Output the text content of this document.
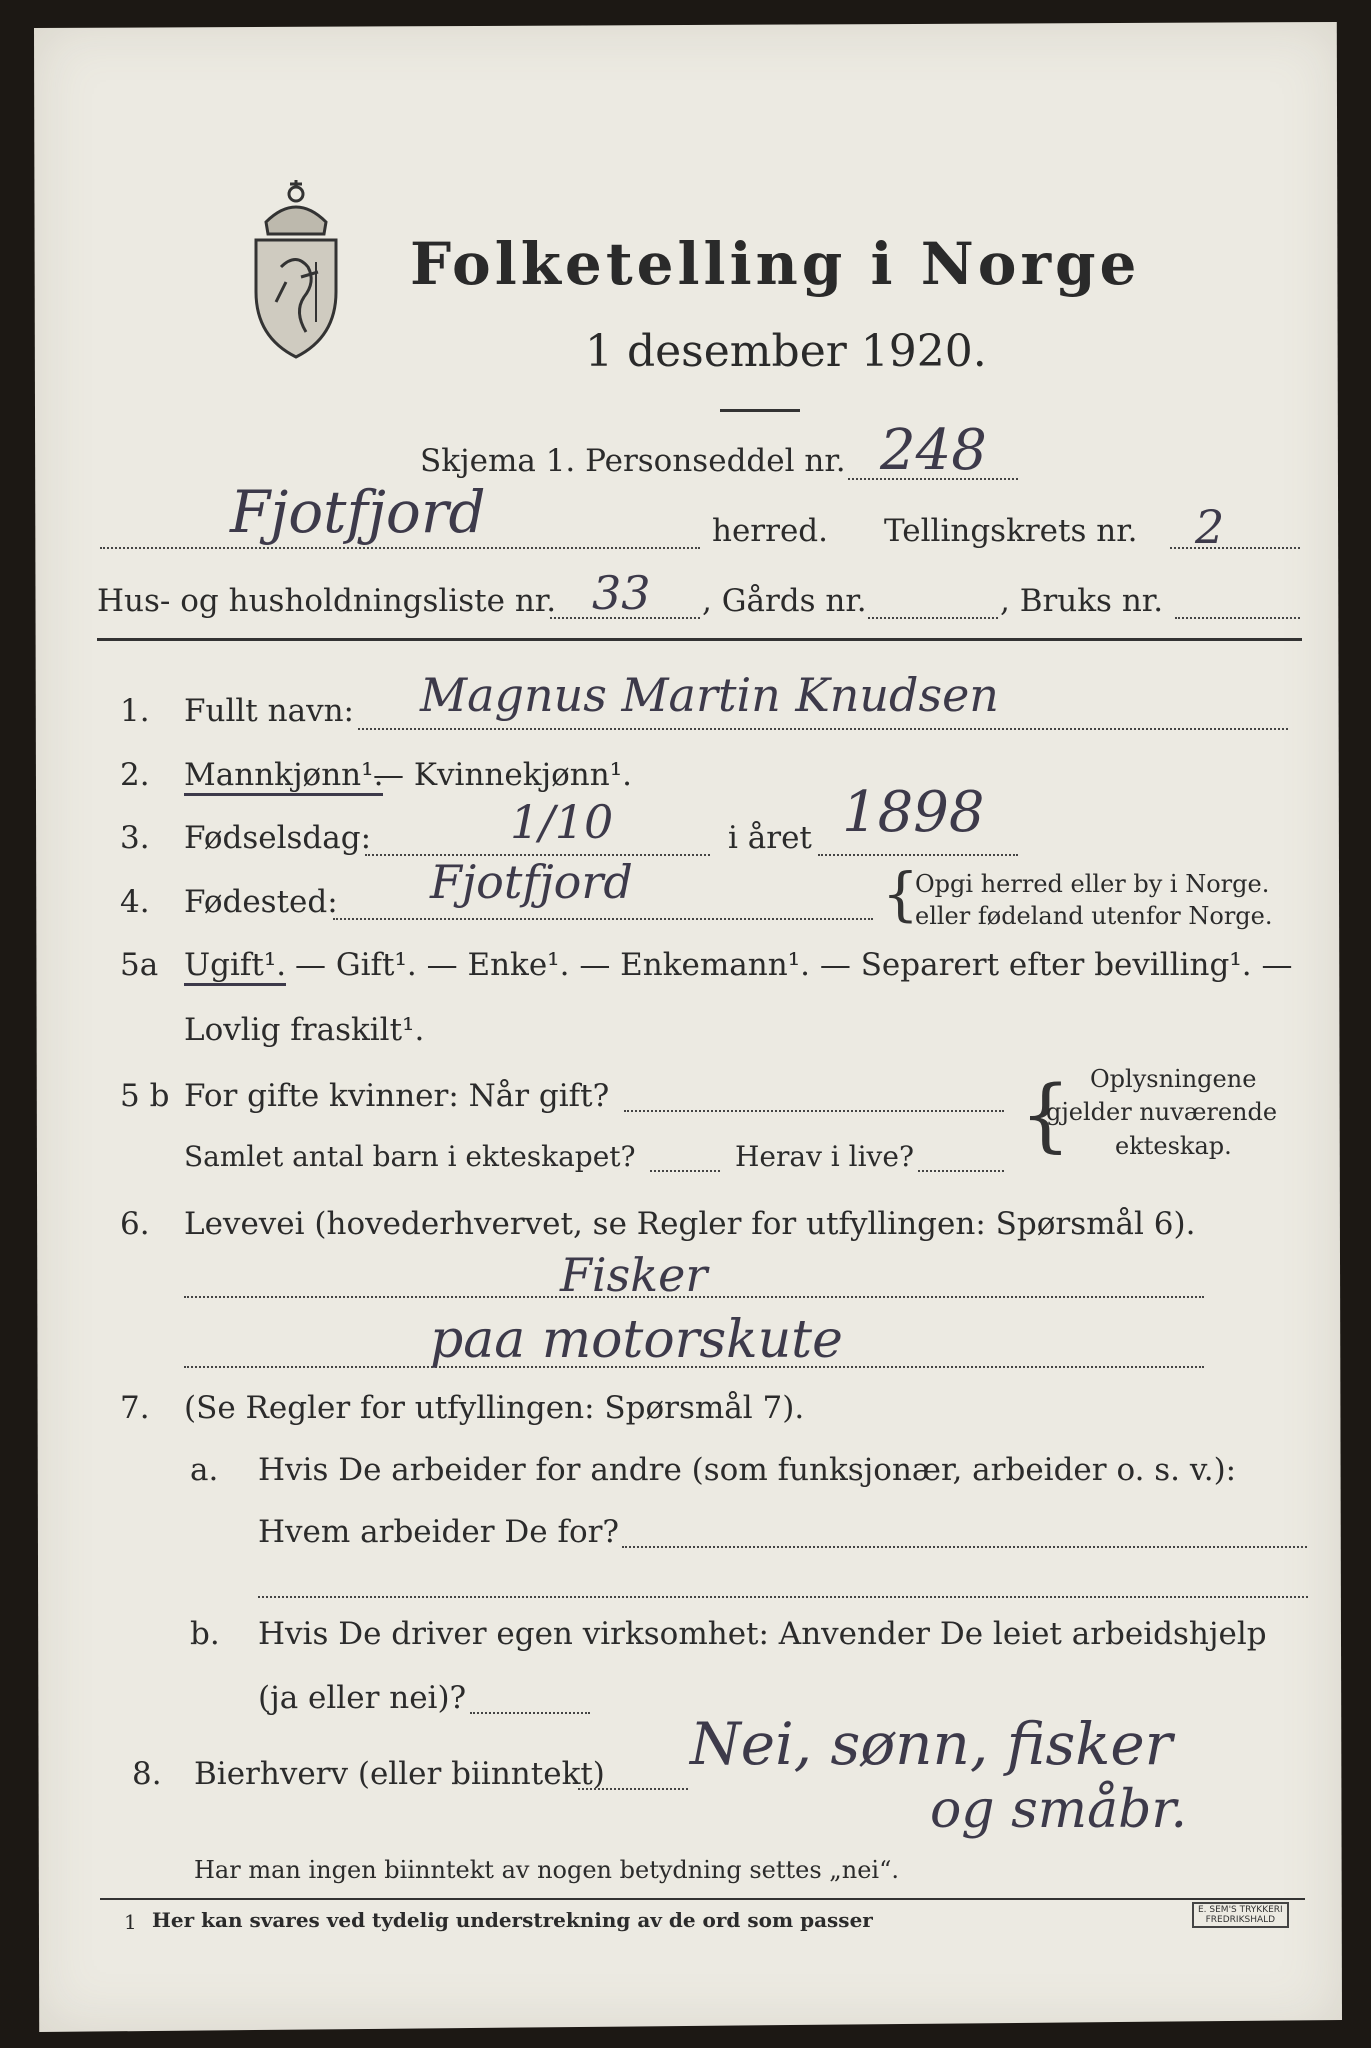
Folketelling i Norge
1 desember 1920.
Skjema 1. Personseddel nr. 248
Fjotfjord	herred. Tellingskrets nr. 2
Hus- og husholdningsliste nr. 33 , Gårds nr.	, Bruks nr.
1. Fullt navn: Magnus Martin Knudsen
2. Mannkjønn¹.
— Kvinnekjønn¹.
3. Fødselsdag:	1/10	i året 1898
4. Fødested: Fjotfjord	{
Opgi herred eller by i Norge.
eller fødeland utenfor Norge.
5a Ugift¹. — Gift¹. — Enke¹. — Enkemann¹. — Separert efter bevilling¹. —
Lovlig fraskilt¹.
5 b For gifte kvinner: Når gift?
Samlet antal barn i ekteskapet?	Herav i live? { Oplysningene
gjelder nuværende
ekteskap.
6. Levevei (hovederhvervet, se Regler for utfyllingen: Spørsmål 6).
Fisker
paa motorskute
7. (Se Regler for utfyllingen: Spørsmål 7).
a. Hvis De arbeider for andre (som funksjonær, arbeider o. s. v.):
Hvem arbeider De for?
b. Hvis De driver egen virksomhet: Anvender De leiet arbeidshjelp
(ja eller nei)?
8. Bierhverv (eller biinntekt) Nei, sønn, fisker
og småbr.
Har man ingen biinntekt av nogen betydning settes „nei“.
1 Her kan svares ved tydelig understrekning av de ord som passer	E. SEM'S TRYKKERI
FREDRIKSHALD
